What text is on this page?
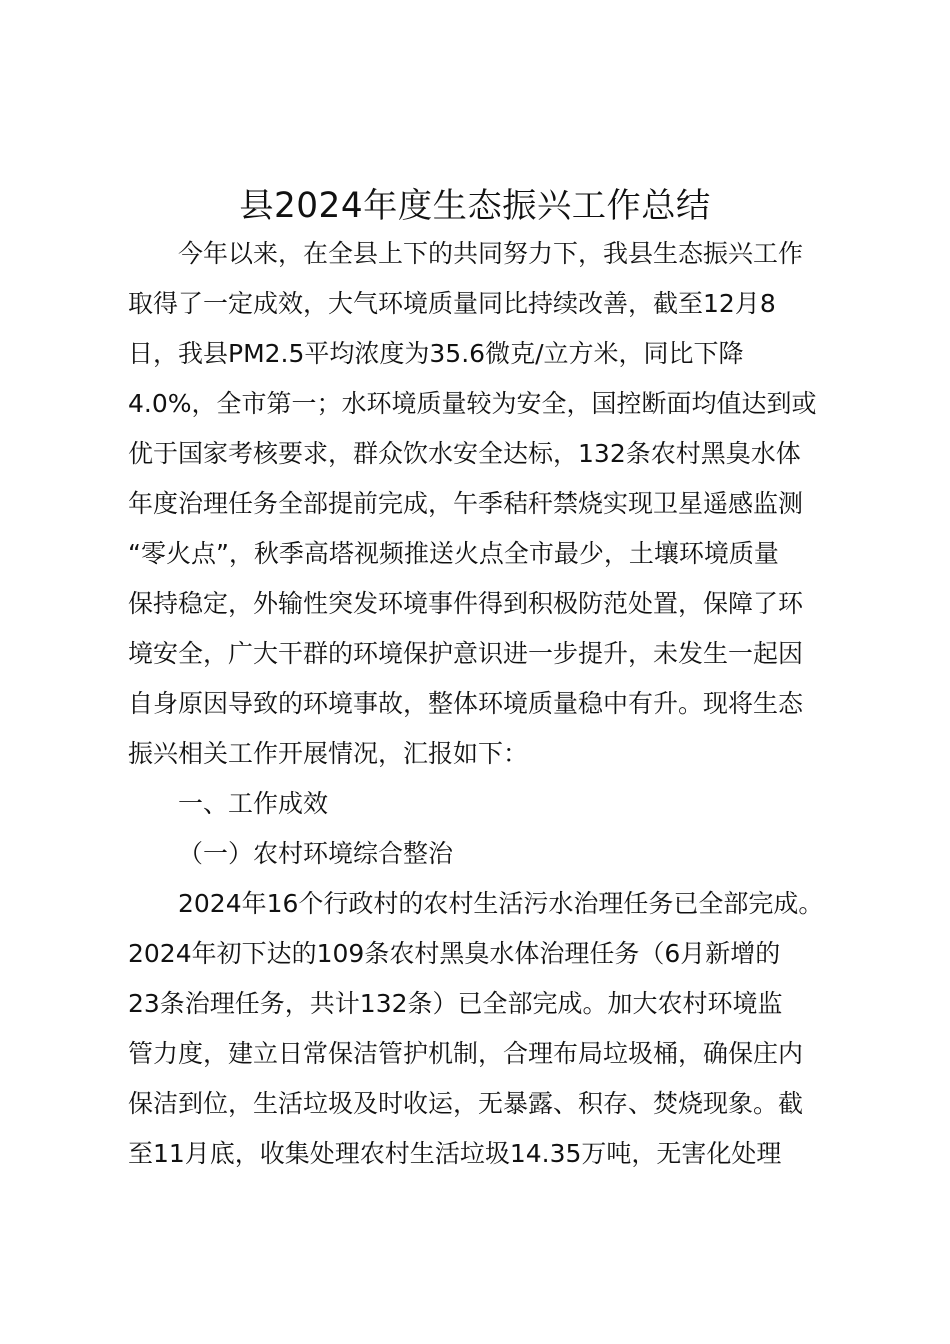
县2024年度生态振兴工作总结
今年以来，在全县上下的共同努力下，我县生态振兴工作
取得了一定成效，大气环境质量同比持续改善，截至12月8
日，我县PM2.5平均浓度为35.6微克/立方米，同比下降
4.0%，全市第一；水环境质量较为安全，国控断面均值达到或
优于国家考核要求，群众饮水安全达标，132条农村黑臭水体
年度治理任务全部提前完成，午季秸秆禁烧实现卫星遥感监测
“零火点”，秋季高塔视频推送火点全市最少，土壤环境质量
保持稳定，外输性突发环境事件得到积极防范处置，保障了环
境安全，广大干群的环境保护意识进一步提升，未发生一起因
自身原因导致的环境事故，整体环境质量稳中有升。现将生态
振兴相关工作开展情况，汇报如下：
一、工作成效
（一）农村环境综合整治
2024年16个行政村的农村生活污水治理任务已全部完成。
2024年初下达的109条农村黑臭水体治理任务（6月新增的
23条治理任务，共计132条）已全部完成。加大农村环境监
管力度，建立日常保洁管护机制，合理布局垃圾桶，确保庄内
保洁到位，生活垃圾及时收运，无暴露、积存、焚烧现象。截
至11月底，收集处理农村生活垃圾14.35万吨，无害化处理
